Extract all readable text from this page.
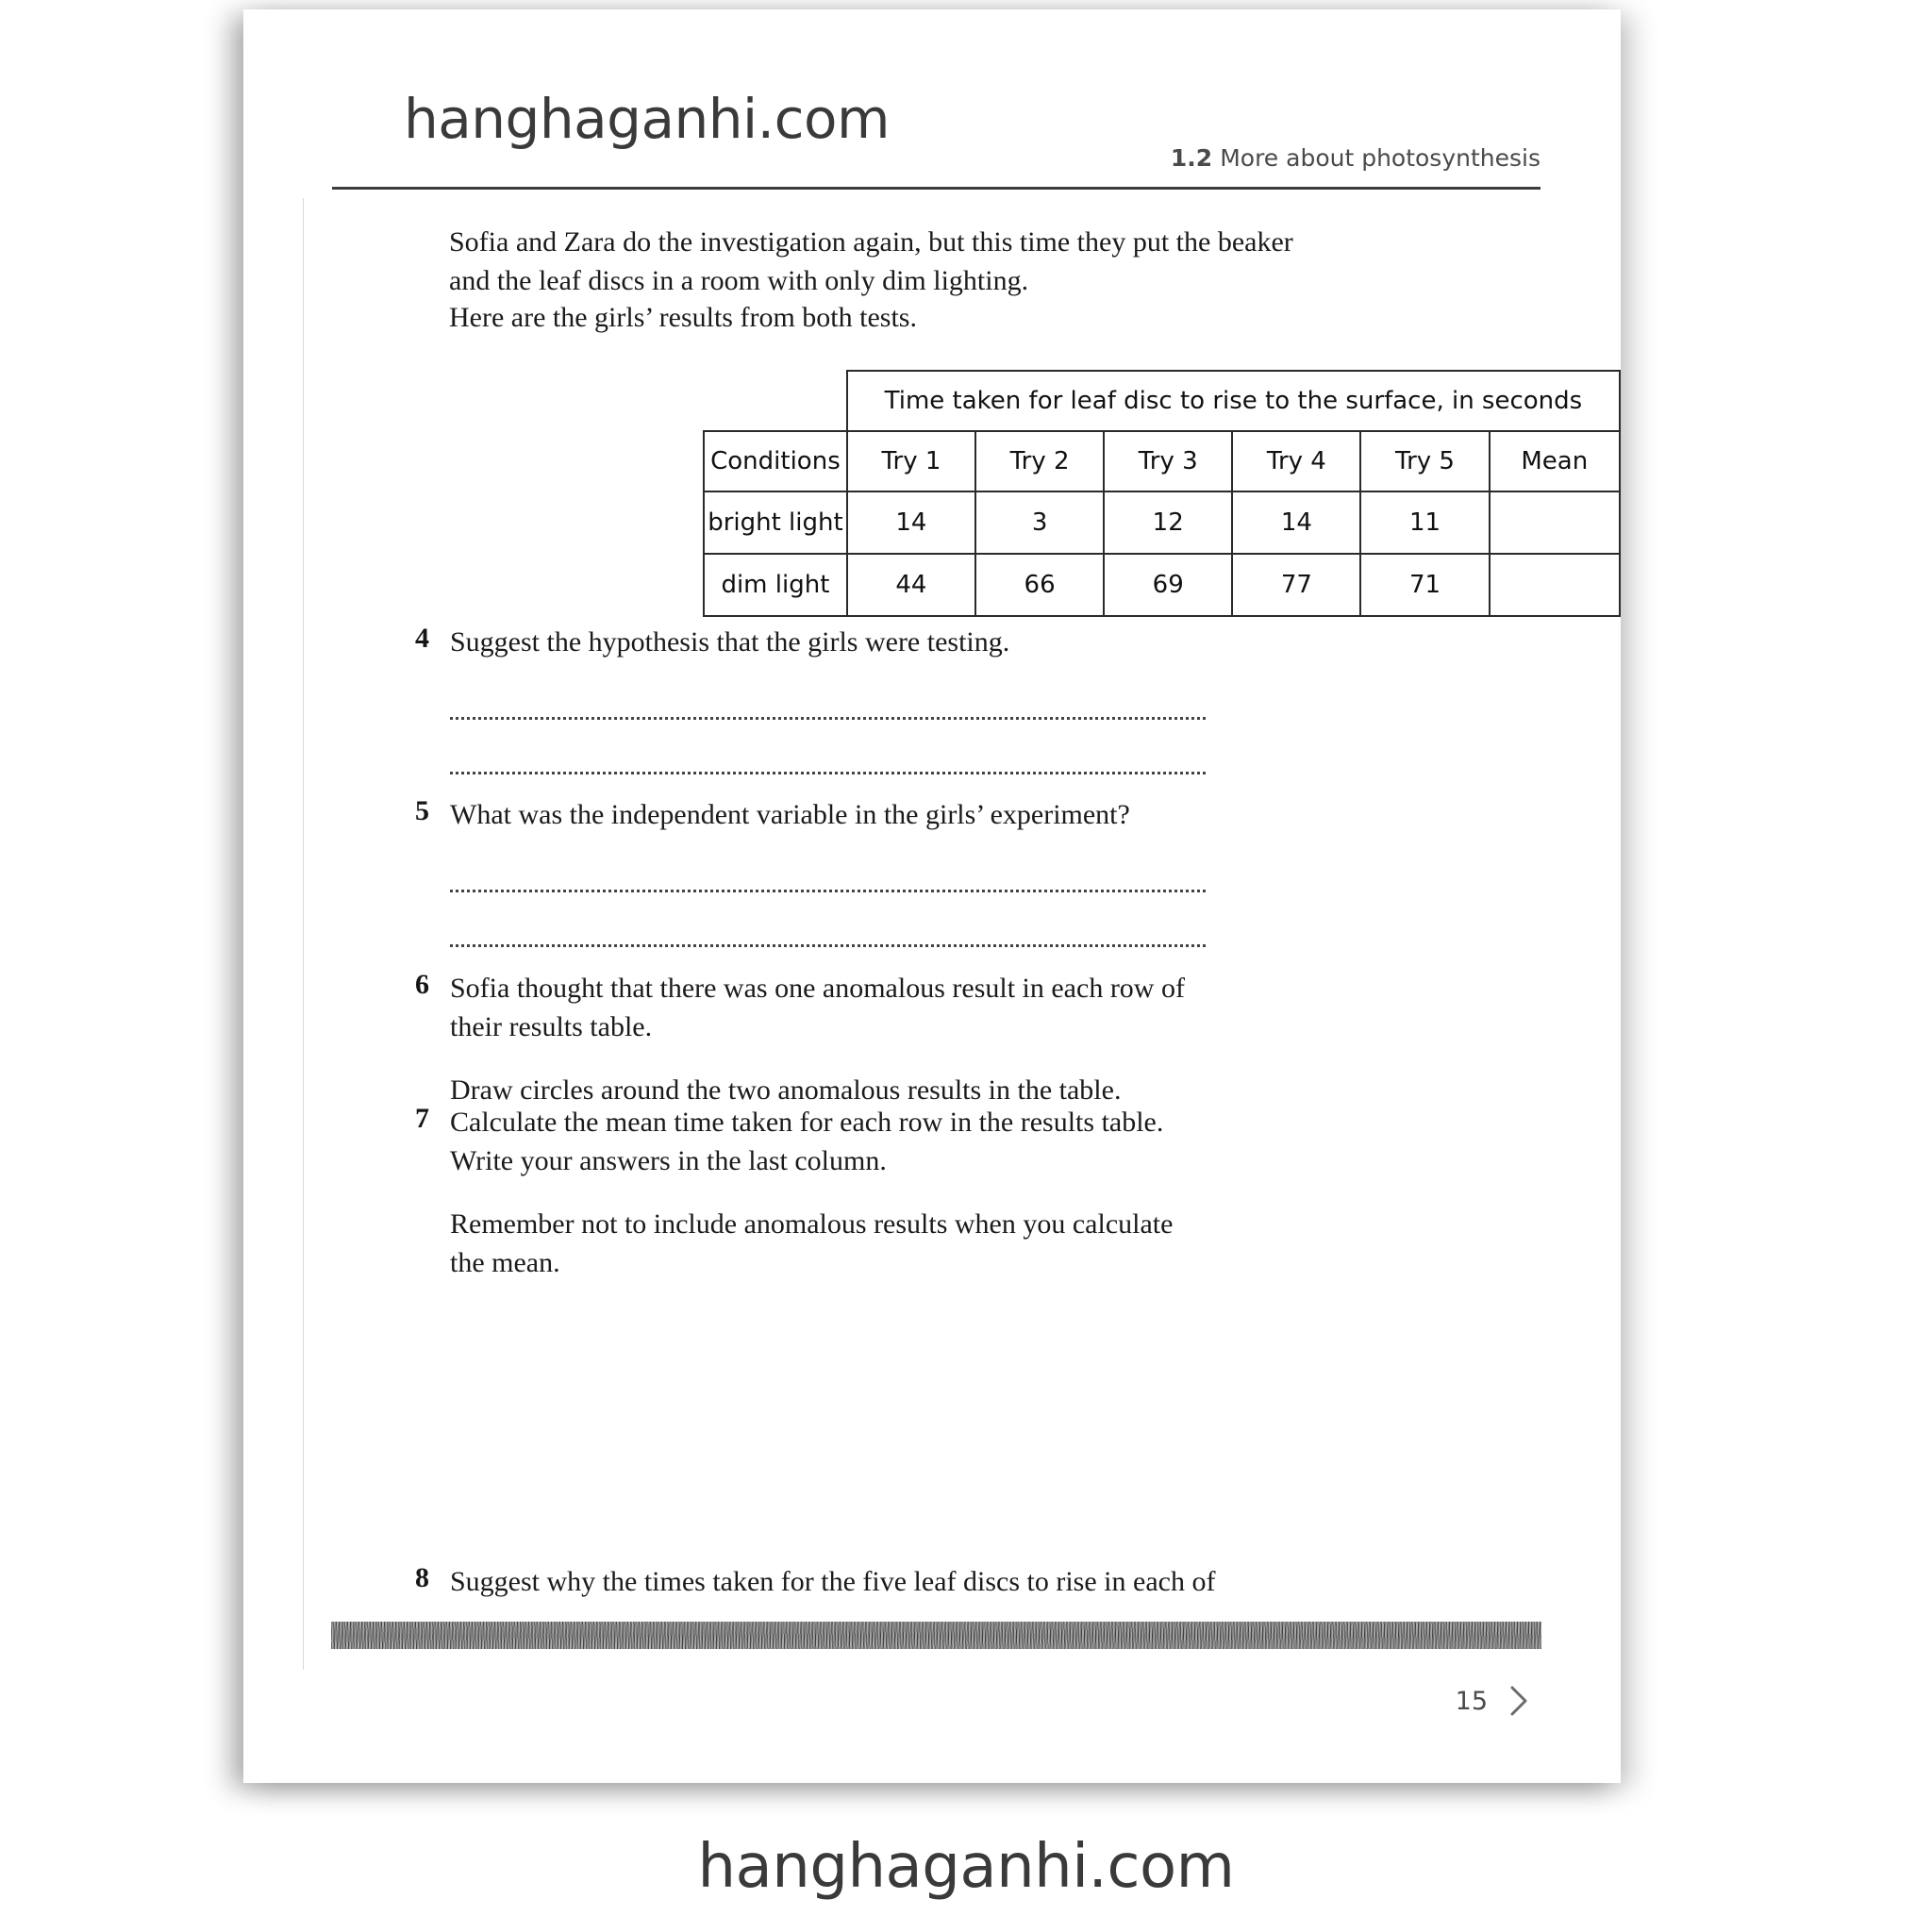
hanghaganhi.com
1.2 More about photosynthesis
Sofia and Zara do the investigation again, but this time they put the beaker and the leaf discs in a room with only dim lighting.
Here are the girls’ results from both tests.
	Time taken for leaf disc to rise to the surface, in seconds					
Conditions	Try 1	Try 2	Try 3	Try 4	Try 5	Mean
bright light	14	3	12	14	11	
dim light	44	66	69	77	71	
4 Suggest the hypothesis that the girls were testing.

5 What was the independent variable in the girls’ experiment?

6 Sofia thought that there was one anomalous result in each row of their results table.

Draw circles around the two anomalous results in the table.

7 Calculate the mean time taken for each row in the results table. Write your answers in the last column.

Remember not to include anomalous results when you calculate the mean.

8 Suggest why the times taken for the five leaf discs to rise in each of

15
hanghaganhi.com
